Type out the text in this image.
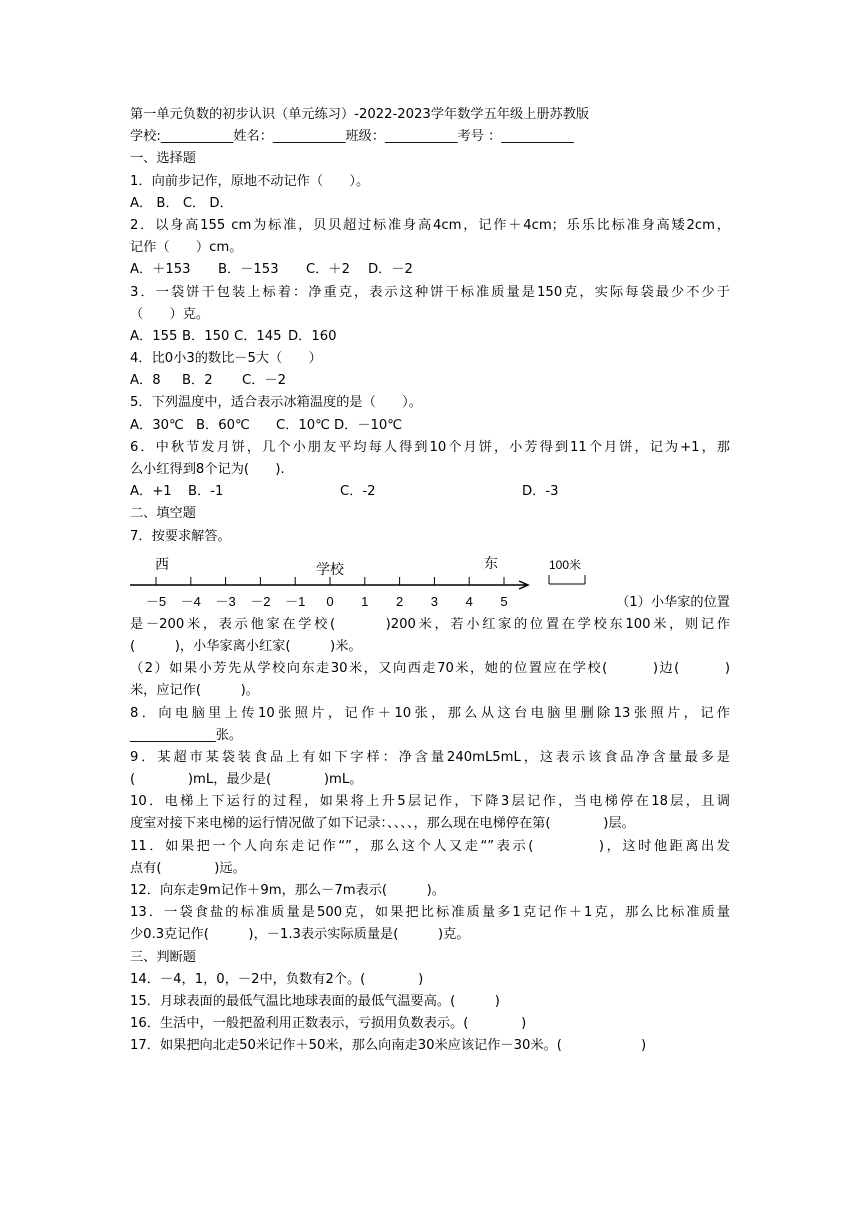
第一单元负数的初步认识（单元练习）-2022-2023学年数学五年级上册苏教版
学校:___________姓名：___________班级：___________考号 ：___________
一、选择题
1．向前步记作，原地不动记作（　　）。
A． B． C． D．
2．以身高155 cm为标准，贝贝超过标准身高4cm，记作＋4cm；乐乐比标准身高矮2cm，
记作（　　）cm。
A．＋153 B．－153 C．＋2 D．－2
3．一袋饼干包装上标着：净重克，表示这种饼干标准质量是150克，实际每袋最少不少于
（　　）克。
A．155 B．150 C．145 D．160
4．比0小3的数比－5大（　　）
A．8 B．2 C．－2
5．下列温度中，适合表示冰箱温度的是（　　）。
A．30℃ B．60℃ C．10℃ D．－10℃
6．中秋节发月饼，几个小朋友平均每人得到10个月饼，小芳得到11个月饼，记为+1，那
么小红得到8个记为(　　).
A．+1 B．-1	C．-2	D．-3
二、填空题
7．按要求解答。
西	学校	东	100米
－5 －4 －3 －2 －1 0 1 2 3 4 5	（1）小华家的位置
是－200米，表示他家在学校(　　　)200米，若小红家的位置在学校东100米，则记作
(　　　)，小华家离小红家(　　　)米。
（2）如果小芳先从学校向东走30米，又向西走70米，她的位置应在学校(　　　)边(　　　)
米，应记作(　　　)。
8．向电脑里上传10张照片，记作＋10张，那么从这台电脑里删除13张照片，记作
_____________张。
9．某超市某袋装食品上有如下字样：净含量240mL5mL，这表示该食品净含量最多是
(　　　　)mL，最少是(　　　　)mL。
10．电梯上下运行的过程，如果将上升5层记作，下降3层记作，当电梯停在18层，且调
度室对接下来电梯的运行情况做了如下记录：、、、、，那么现在电梯停在第(　　　　)层。
11．如果把一个人向东走记作“”，那么这个人又走“”表示(　　　　)，这时他距离出发
点有(　　　　)远。
12．向东走9m记作＋9m，那么－7m表示(　　　)。
13．一袋食盐的标准质量是500克，如果把比标准质量多1克记作＋1克，那么比标准质量
少0.3克记作(　　　)，－1.3表示实际质量是(　　　)克。
三、判断题
14．－4，1，0，－2中，负数有2个。(　　　　)
15．月球表面的最低气温比地球表面的最低气温要高。(　　　)
16．生活中，一般把盈利用正数表示，亏损用负数表示。(　　　　)
17．如果把向北走50米记作＋50米，那么向南走30米应该记作－30米。(　　　　　　)
